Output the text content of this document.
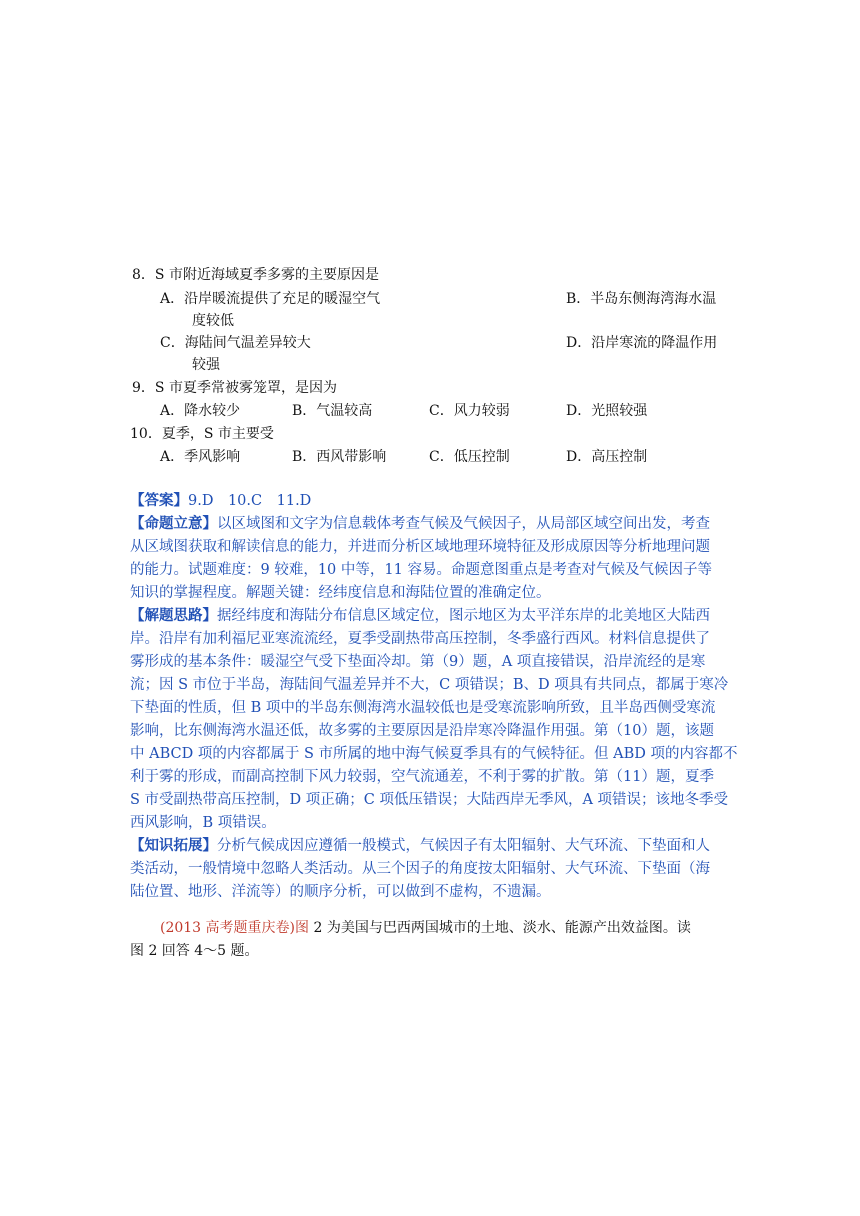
8．S 市附近海域夏季多雾的主要原因是
A．沿岸暖流提供了充足的暖湿空气	B．半岛东侧海湾海水温
度较低
C．海陆间气温差异较大	D．沿岸寒流的降温作用
较强
9．S 市夏季常被雾笼罩，是因为
A．降水较少	B．气温较高	C．风力较弱	D．光照较强
10．夏季，S 市主要受
A．季风影响	B．西风带影响	C．低压控制	D．高压控制
【答案】9.D　10.C　11.D
【命题立意】以区域图和文字为信息载体考查气候及气候因子，从局部区域空间出发，考查
从区域图获取和解读信息的能力，并进而分析区域地理环境特征及形成原因等分析地理问题
的能力。试题难度：9 较难，10 中等，11 容易。命题意图重点是考查对气候及气候因子等
知识的掌握程度。解题关键：经纬度信息和海陆位置的准确定位。
【解题思路】据经纬度和海陆分布信息区域定位，图示地区为太平洋东岸的北美地区大陆西
岸。沿岸有加利福尼亚寒流流经，夏季受副热带高压控制，冬季盛行西风。材料信息提供了
雾形成的基本条件：暖湿空气受下垫面冷却。第（9）题，A 项直接错误，沿岸流经的是寒
流；因 S 市位于半岛，海陆间气温差异并不大，C 项错误；B、D 项具有共同点，都属于寒冷
下垫面的性质，但 B 项中的半岛东侧海湾水温较低也是受寒流影响所致，且半岛西侧受寒流
影响，比东侧海湾水温还低，故多雾的主要原因是沿岸寒冷降温作用强。第（10）题，该题
中 ABCD 项的内容都属于 S 市所属的地中海气候夏季具有的气候特征。但 ABD 项的内容都不
利于雾的形成，而副高控制下风力较弱，空气流通差，不利于雾的扩散。第（11）题，夏季
S 市受副热带高压控制，D 项正确；C 项低压错误；大陆西岸无季风，A 项错误；该地冬季受
西风影响，B 项错误。
【知识拓展】分析气候成因应遵循一般模式，气候因子有太阳辐射、大气环流、下垫面和人
类活动，一般情境中忽略人类活动。从三个因子的角度按太阳辐射、大气环流、下垫面（海
陆位置、地形、洋流等）的顺序分析，可以做到不虚构，不遗漏。
(2013 高考题重庆卷)图 2 为美国与巴西两国城市的土地、淡水、能源产出效益图。读
图 2 回答 4～5 题。
